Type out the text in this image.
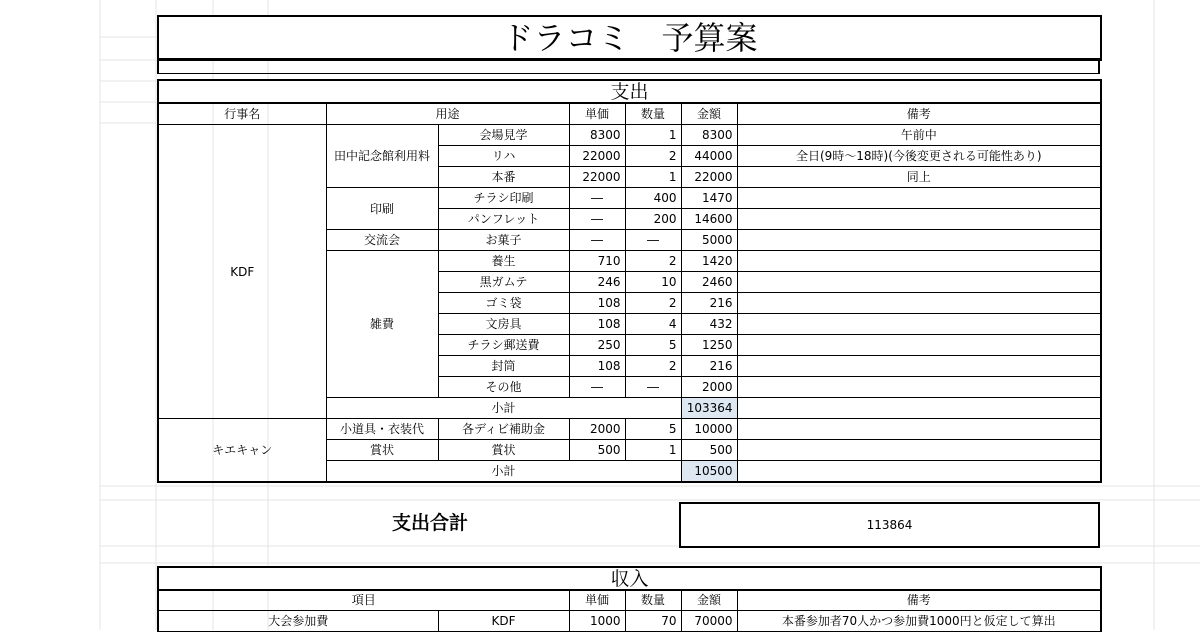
ドラコミ　予算案
支出
行事名	用途		単価	数量	金額	備考
KDF	田中記念館利用料	会場見学	8300	1	8300	午前中
		リハ	22000	2	44000	全日(9時～18時)(今後変更される可能性あり)
		本番	22000	1	22000	同上
	印刷	チラシ印刷	―	400	1470	
		パンフレット	―	200	14600	
	交流会	お菓子	―	―	5000	
	雑費	養生	710	2	1420	
		黒ガムテ	246	10	2460	
		ゴミ袋	108	2	216	
		文房具	108	4	432	
		チラシ郵送費	250	5	1250	
		封筒	108	2	216	
		その他	―	―	2000	
	小計				103364	
キエキャン	小道具・衣装代	各ディビ補助金	2000	5	10000	
	賞状	賞状	500	1	500	
	小計				10500	
支出合計	113864
収入
項目		単価	数量	金額	備考
大会参加費	KDF	1000	70	70000	本番参加者70人かつ参加費1000円と仮定して算出
